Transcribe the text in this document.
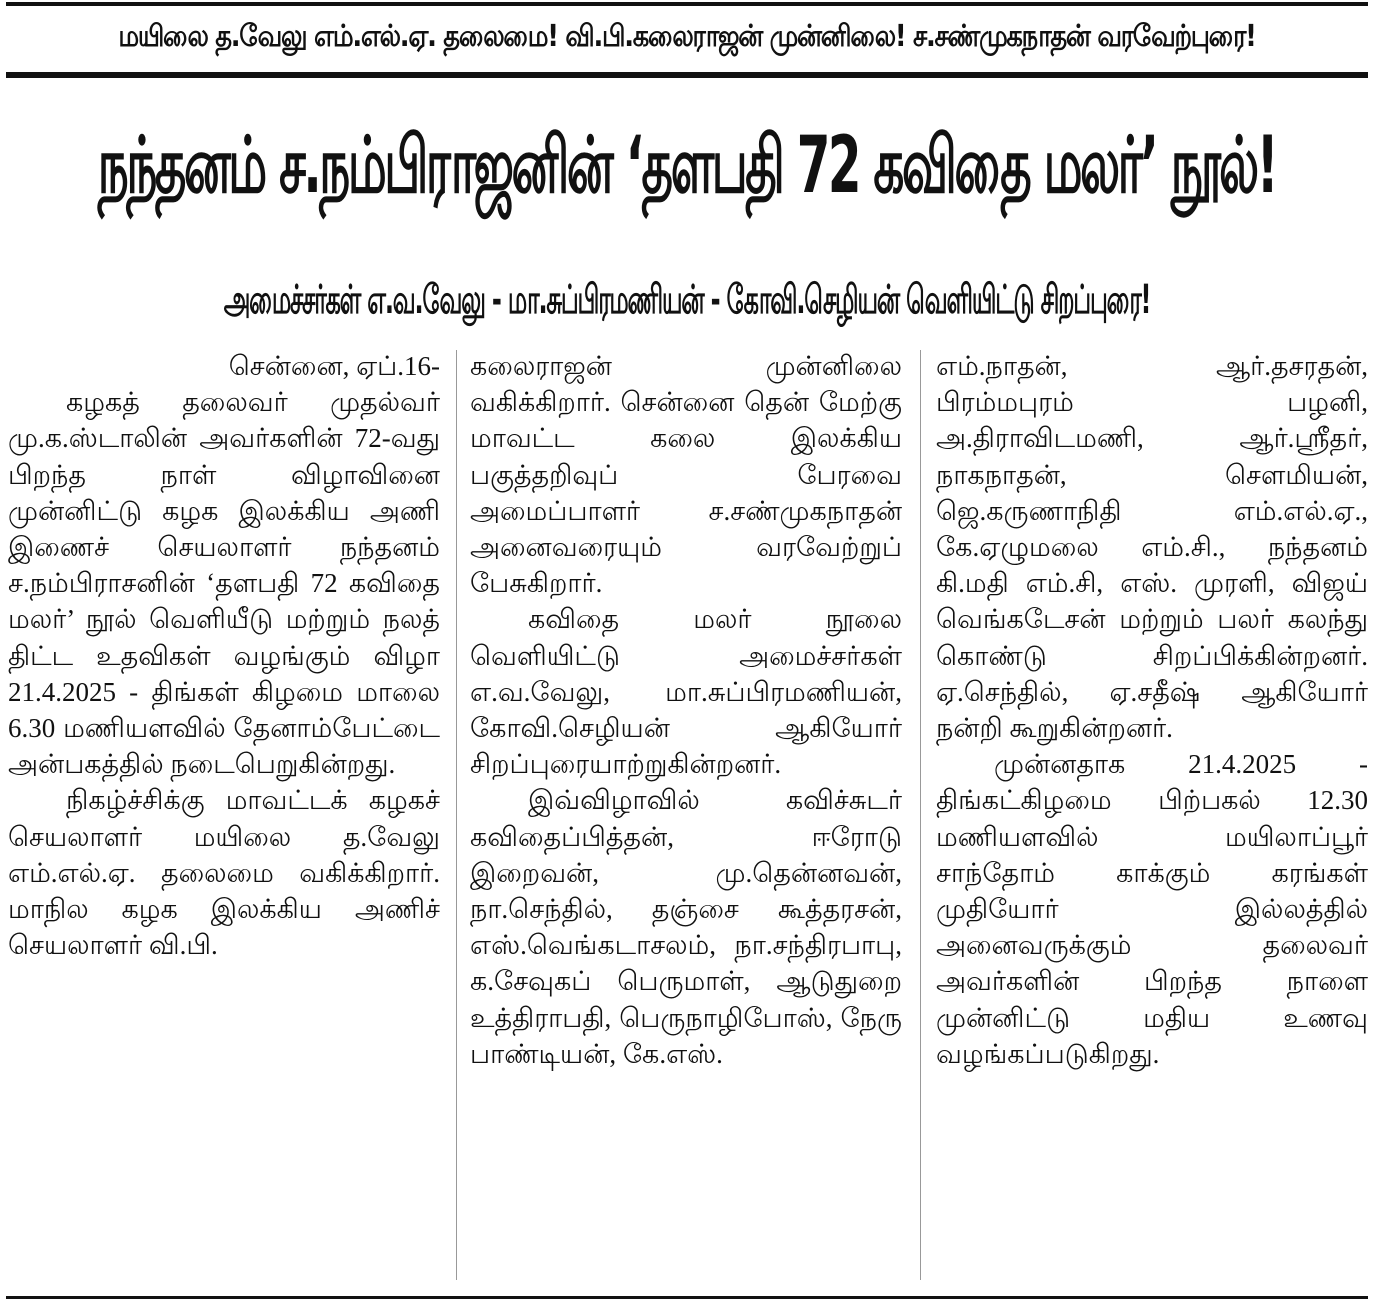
மயிலை த.வேலு எம்.எல்.ஏ. தலைமை! வி.பி.கலைராஜன் முன்னிலை! ச.சண்முகநாதன் வரவேற்புரை!
நந்தனம் ச.நம்பிராஜனின் ‘தளபதி 72 கவிதை மலர்’ நூல்!
அமைச்சர்கள் எ.வ.வேலு - மா.சுப்பிரமணியன் - கோவி.செழியன் வெளியிட்டு சிறப்புரை!

சென்னை, ஏப்.16-

கழகத் தலைவர் முதல்வர் மு.க.ஸ்டாலின் அவர்களின் 72-வது பிறந்த நாள் விழாவினை முன்னிட்டு கழக இலக்கிய அணி இணைச் செயலாளர் நந்தனம் ச.நம்பிராசனின் ‘தளபதி 72 கவிதை மலர்’ நூல் வெளியீடு மற்றும் நலத் திட்ட உதவிகள் வழங்கும் விழா 21.4.2025 - திங்கள் கிழமை மாலை 6.30 மணியளவில் தேனாம்பேட்டை அன்பகத்தில் நடைபெறுகின்றது.

நிகழ்ச்சிக்கு மாவட்டக் கழகச் செயலாளர் மயிலை த.வேலு எம்.எல்.ஏ. தலைமை வகிக்கிறார். மாநில கழக இலக்கிய அணிச் செயலாளர் வி.பி.

கலைராஜன் முன்னிலை வகிக்கிறார். சென்னை தென் மேற்கு மாவட்ட கலை இலக்கிய பகுத்தறிவுப் பேரவை அமைப்பாளர் ச.சண்முகநாதன் அனைவரையும் வரவேற்றுப் பேசுகிறார்.

கவிதை மலர் நூலை வெளியிட்டு அமைச்சர்கள் எ.வ.வேலு, மா.சுப்பிரமணியன், கோவி.செழியன் ஆகியோர் சிறப்புரையாற்றுகின்றனர்.

இவ்விழாவில் கவிச்சுடர் கவிதைப்பித்தன், ஈரோடு இறைவன், மு.தென்னவன், நா.செந்தில், தஞ்சை கூத்தரசன், எஸ்.வெங்கடாசலம், நா.சந்திரபாபு, க.சேவுகப் பெருமாள், ஆடுதுறை உத்திராபதி, பெருநாழிபோஸ், நேரு பாண்டியன், கே.எஸ்.

எம்.நாதன், ஆர்.தசரதன், பிரம்மபுரம் பழனி, அ.திராவிடமணி, ஆர்.ஸ்ரீதர், நாகநாதன், சௌமியன், ஜெ.கருணாநிதி எம்.எல்.ஏ., கே.ஏழுமலை எம்.சி., நந்தனம் கி.மதி எம்.சி, எஸ். முரளி, விஜய் வெங்கடேசன் மற்றும் பலர் கலந்து கொண்டு சிறப்பிக்கின்றனர். ஏ.செந்தில், ஏ.சதீஷ் ஆகியோர் நன்றி கூறுகின்றனர்.

முன்னதாக 21.4.2025 - திங்கட்கிழமை பிற்பகல் 12.30 மணியளவில் மயிலாப்பூர் சாந்தோம் காக்கும் கரங்கள் முதியோர் இல்லத்தில் அனைவருக்கும் தலைவர் அவர்களின் பிறந்த நாளை முன்னிட்டு மதிய உணவு வழங்கப்படுகிறது.
